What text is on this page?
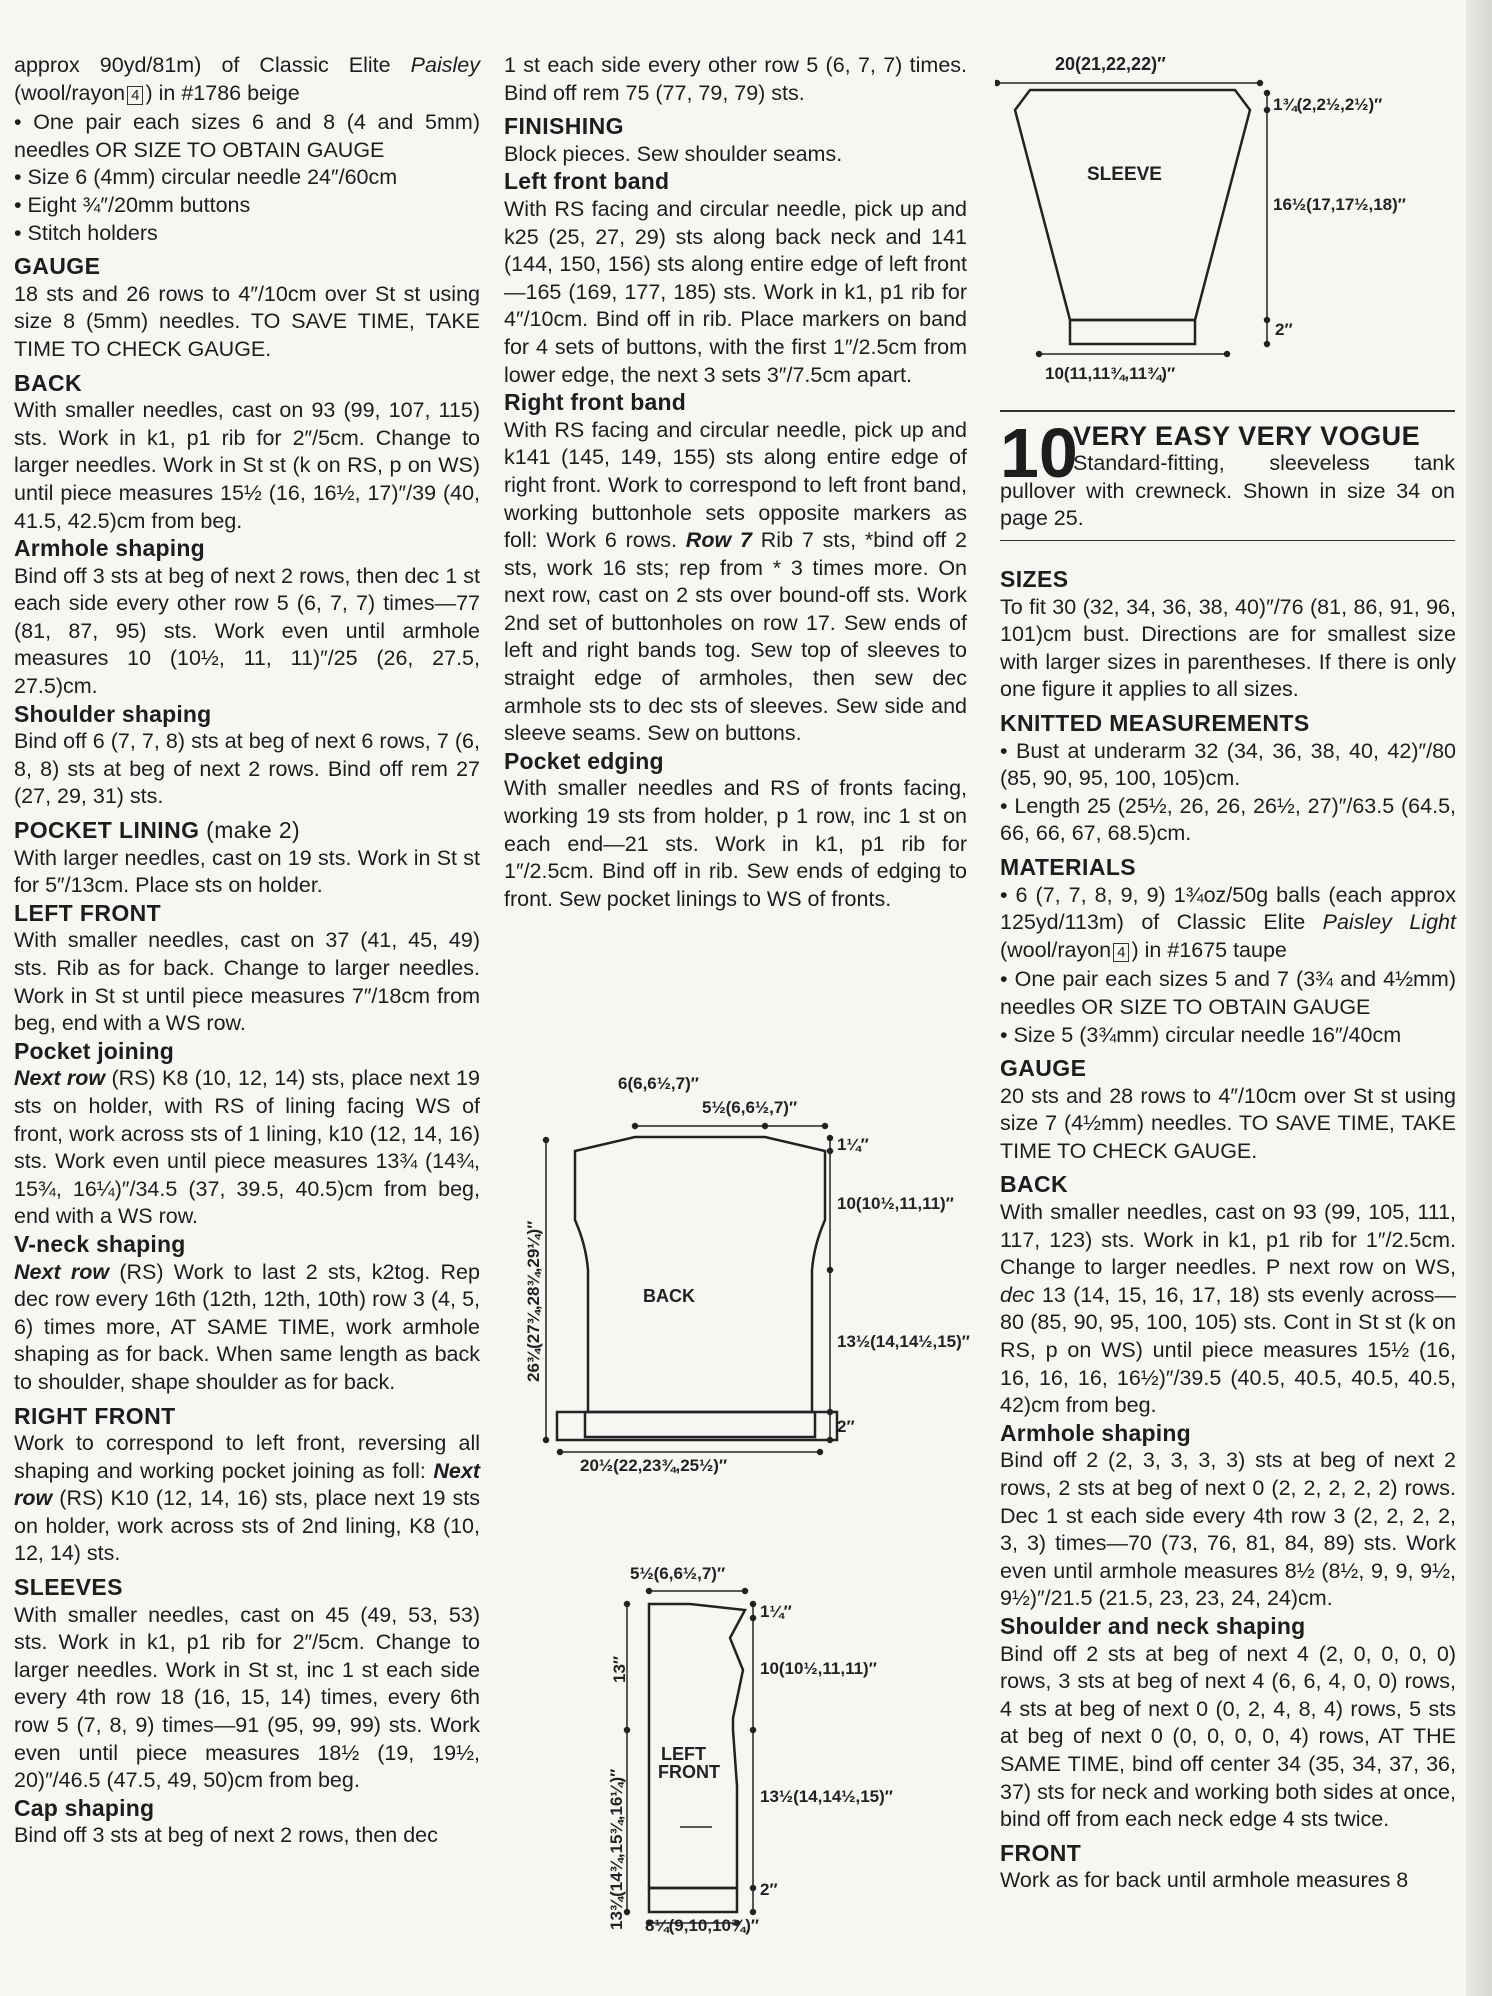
approx 90yd/81m) of Classic Elite Paisley (wool/rayon 4 ) in #1786 beige

• One pair each sizes 6 and 8 (4 and 5mm) needles OR SIZE TO OBTAIN GAUGE

• Size 6 (4mm) circular needle 24″/60cm

• Eight ¾″/20mm buttons

• Stitch holders

GAUGE

18 sts and 26 rows to 4″/10cm over St st using size 8 (5mm) needles. TO SAVE TIME, TAKE TIME TO CHECK GAUGE.

BACK

With smaller needles, cast on 93 (99, 107, 115) sts. Work in k1, p1 rib for 2″/5cm. Change to larger needles. Work in St st (k on RS, p on WS) until piece measures 15½ (16, 16½, 17)″/39 (40, 41.5, 42.5)cm from beg.

Armhole shaping

Bind off 3 sts at beg of next 2 rows, then dec 1 st each side every other row 5 (6, 7, 7) times—77 (81, 87, 95) sts. Work even until armhole measures 10 (10½, 11, 11)″/25 (26, 27.5, 27.5)cm.

Shoulder shaping

Bind off 6 (7, 7, 8) sts at beg of next 6 rows, 7 (6, 8, 8) sts at beg of next 2 rows. Bind off rem 27 (27, 29, 31) sts.

POCKET LINING (make 2)

With larger needles, cast on 19 sts. Work in St st for 5″/13cm. Place sts on holder.

LEFT FRONT

With smaller needles, cast on 37 (41, 45, 49) sts. Rib as for back. Change to larger needles. Work in St st until piece measures 7″/18cm from beg, end with a WS row.

Pocket joining

Next row (RS) K8 (10, 12, 14) sts, place next 19 sts on holder, with RS of lining facing WS of front, work across sts of 1 lining, k10 (12, 14, 16) sts. Work even until piece measures 13¾ (14¾, 15¾, 16¼)″/34.5 (37, 39.5, 40.5)cm from beg, end with a WS row.

V-neck shaping

Next row (RS) Work to last 2 sts, k2tog. Rep dec row every 16th (12th, 12th, 10th) row 3 (4, 5, 6) times more, AT SAME TIME, work armhole shaping as for back. When same length as back to shoulder, shape shoulder as for back.

RIGHT FRONT

Work to correspond to left front, reversing all shaping and working pocket joining as foll: Next row (RS) K10 (12, 14, 16) sts, place next 19 sts on holder, work across sts of 2nd lining, K8 (10, 12, 14) sts.

SLEEVES

With smaller needles, cast on 45 (49, 53, 53) sts. Work in k1, p1 rib for 2″/5cm. Change to larger needles. Work in St st, inc 1 st each side every 4th row 18 (16, 15, 14) times, every 6th row 5 (7, 8, 9) times—91 (95, 99, 99) sts. Work even until piece measures 18½ (19, 19½, 20)″/46.5 (47.5, 49, 50)cm from beg.

Cap shaping

Bind off 3 sts at beg of next 2 rows, then dec

1 st each side every other row 5 (6, 7, 7) times. Bind off rem 75 (77, 79, 79) sts.

FINISHING

Block pieces. Sew shoulder seams.

Left front band

With RS facing and circular needle, pick up and k25 (25, 27, 29) sts along back neck and 141 (144, 150, 156) sts along entire edge of left front—165 (169, 177, 185) sts. Work in k1, p1 rib for 4″/10cm. Bind off in rib. Place markers on band for 4 sets of buttons, with the first 1″/2.5cm from lower edge, the next 3 sets 3″/7.5cm apart.

Right front band

With RS facing and circular needle, pick up and k141 (145, 149, 155) sts along entire edge of right front. Work to correspond to left front band, working buttonhole sets opposite markers as foll: Work 6 rows. Row 7 Rib 7 sts, *bind off 2 sts, work 16 sts; rep from * 3 times more. On next row, cast on 2 sts over bound-off sts. Work 2nd set of buttonholes on row 17. Sew ends of left and right bands tog. Sew top of sleeves to straight edge of armholes, then sew dec armhole sts to dec sts of sleeves. Sew side and sleeve seams. Sew on buttons.

Pocket edging

With smaller needles and RS of fronts facing, working 19 sts from holder, p 1 row, inc 1 st on each end—21 sts. Work in k1, p1 rib for 1″/2.5cm. Bind off in rib. Sew ends of edging to front. Sew pocket linings to WS of fronts.

6(6,6½,7)″
5½(6,6½,7)″
1¼″
10(10½,11,11)″
13½(14,14½,15)″
2″
20½(22,23¾,25½)″
26¾(27¾,28¾,29¼)″	BACK
5½(6,6½,7)″
1¼″
10(10½,11,11)″
13½(14,14½,15)″
2″
8¼(9,10,10¾)″
13″
13¾(14¾,15¾,16¼)″
LEFT
FRONT
20(21,22,22)″
1¾(2,2½,2½)″
16½(17,17½,18)″
2″
10(11,11¾,11¾)″
SLEEVE
10
VERY EASY VERY VOGUE
Standard-fitting, sleeveless tank pullover with crewneck. Shown in size 34 on page 25.

SIZES

To fit 30 (32, 34, 36, 38, 40)″/76 (81, 86, 91, 96, 101)cm bust. Directions are for smallest size with larger sizes in parentheses. If there is only one figure it applies to all sizes.

KNITTED MEASUREMENTS

• Bust at underarm 32 (34, 36, 38, 40, 42)″/80 (85, 90, 95, 100, 105)cm.

• Length 25 (25½, 26, 26, 26½, 27)″/63.5 (64.5, 66, 66, 67, 68.5)cm.

MATERIALS

• 6 (7, 7, 8, 9, 9) 1¾oz/50g balls (each approx 125yd/113m) of Classic Elite Paisley Light (wool/rayon 4 ) in #1675 taupe

• One pair each sizes 5 and 7 (3¾ and 4½mm) needles OR SIZE TO OBTAIN GAUGE

• Size 5 (3¾mm) circular needle 16″/40cm

GAUGE

20 sts and 28 rows to 4″/10cm over St st using size 7 (4½mm) needles. TO SAVE TIME, TAKE TIME TO CHECK GAUGE.

BACK

With smaller needles, cast on 93 (99, 105, 111, 117, 123) sts. Work in k1, p1 rib for 1″/2.5cm. Change to larger needles. P next row on WS, dec 13 (14, 15, 16, 17, 18) sts evenly across—80 (85, 90, 95, 100, 105) sts. Cont in St st (k on RS, p on WS) until piece measures 15½ (16, 16, 16, 16, 16½)″/39.5 (40.5, 40.5, 40.5, 40.5, 42)cm from beg.

Armhole shaping

Bind off 2 (2, 3, 3, 3, 3) sts at beg of next 2 rows, 2 sts at beg of next 0 (2, 2, 2, 2, 2) rows. Dec 1 st each side every 4th row 3 (2, 2, 2, 2, 3, 3) times—70 (73, 76, 81, 84, 89) sts. Work even until armhole measures 8½ (8½, 9, 9, 9½, 9½)″/21.5 (21.5, 23, 23, 24, 24)cm.

Shoulder and neck shaping

Bind off 2 sts at beg of next 4 (2, 0, 0, 0, 0) rows, 3 sts at beg of next 4 (6, 6, 4, 0, 0) rows, 4 sts at beg of next 0 (0, 2, 4, 8, 4) rows, 5 sts at beg of next 0 (0, 0, 0, 0, 4) rows, AT THE SAME TIME, bind off center 34 (35, 34, 37, 36, 37) sts for neck and working both sides at once, bind off from each neck edge 4 sts twice.

FRONT

Work as for back until armhole measures 8
